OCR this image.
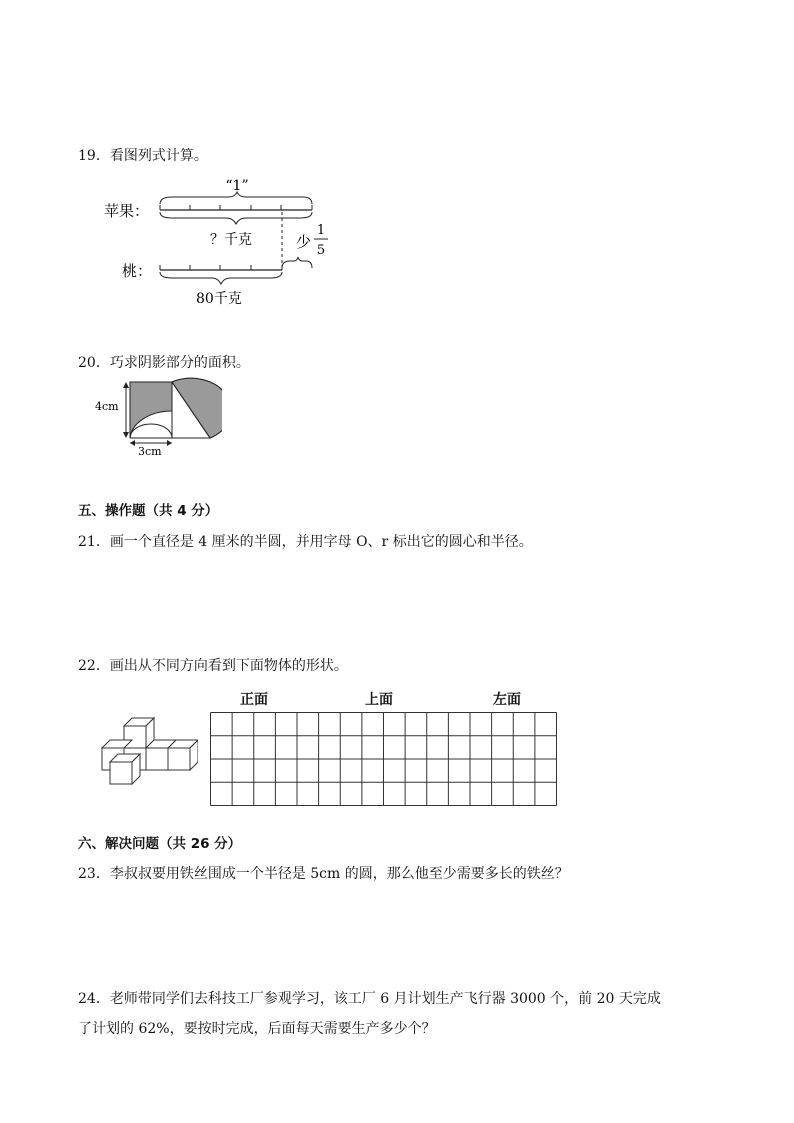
19．看图列式计算。
“1”
苹果：
？千克	少
1
5
桃：
80千克
20．巧求阴影部分的面积。
4cm
3cm
五、操作题（共 4 分）
21．画一个直径是 4 厘米的半圆，并用字母 O、r 标出它的圆心和半径。
22．画出从不同方向看到下面物体的形状。
正面	上面	左面
六、解决问题（共 26 分）
23．李叔叔要用铁丝围成一个半径是 5cm 的圆，那么他至少需要多长的铁丝？
24．老师带同学们去科技工厂参观学习，该工厂 6 月计划生产飞行器 3000 个，前 20 天完成
了计划的 62%，要按时完成，后面每天需要生产多少个？
